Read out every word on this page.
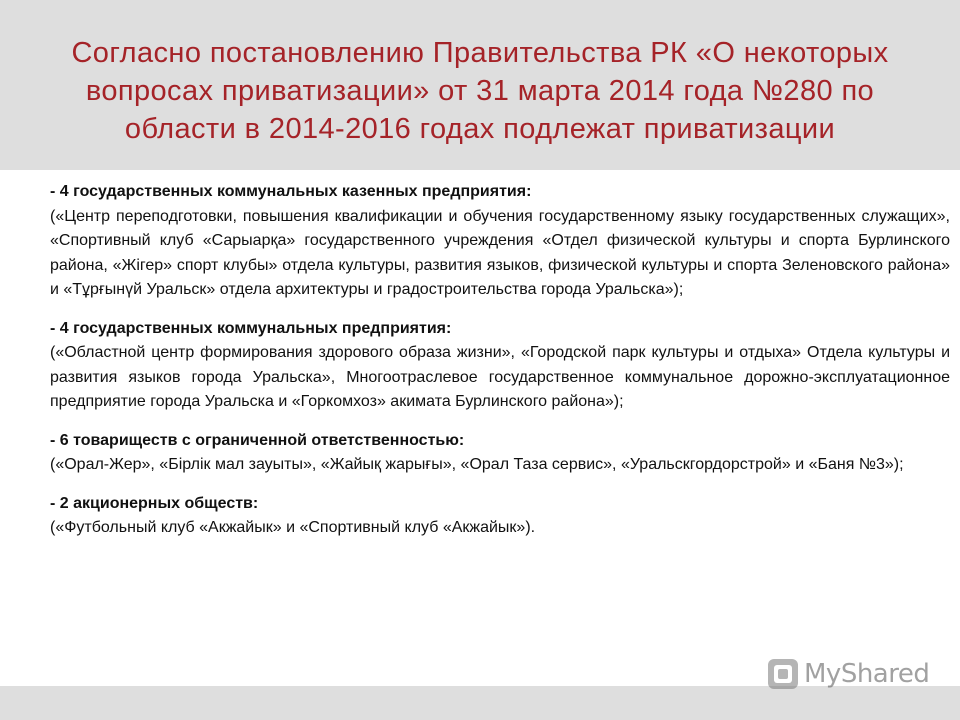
Согласно постановлению Правительства РК «О некоторых вопросах приватизации» от 31 марта 2014 года №280 по области в 2014-2016 годах подлежат приватизации

- 4 государственных коммунальных казенных предприятия:

(«Центр переподготовки, повышения квалификации и обучения государственному языку государственных служащих», «Спортивный клуб «Сарыарқа» государственного учреждения «Отдел физической культуры и спорта Бурлинского района, «Жігер» спорт клубы» отдела культуры, развития языков, физической культуры и спорта Зеленовского района» и «Тұрғынүй Уральск» отдела архитектуры и градостроительства города Уральска»);

- 4 государственных коммунальных предприятия:

(«Областной центр формирования здорового образа жизни», «Городской парк культуры и отдыха» Отдела культуры и развития языков города Уральска», Многоотраслевое государственное коммунальное дорожно-эксплуатационное предприятие города Уральска и «Горкомхоз» акимата Бурлинского района»);

- 6 товариществ с ограниченной ответственностью:

(«Орал-Жер», «Бірлік мал зауыты», «Жайық жарығы», «Орал Таза сервис», «Уральскгордорстрой» и «Баня №3»);

- 2 акционерных обществ:

(«Футбольный клуб «Акжайык» и «Спортивный клуб «Акжайык»).

MyShared
